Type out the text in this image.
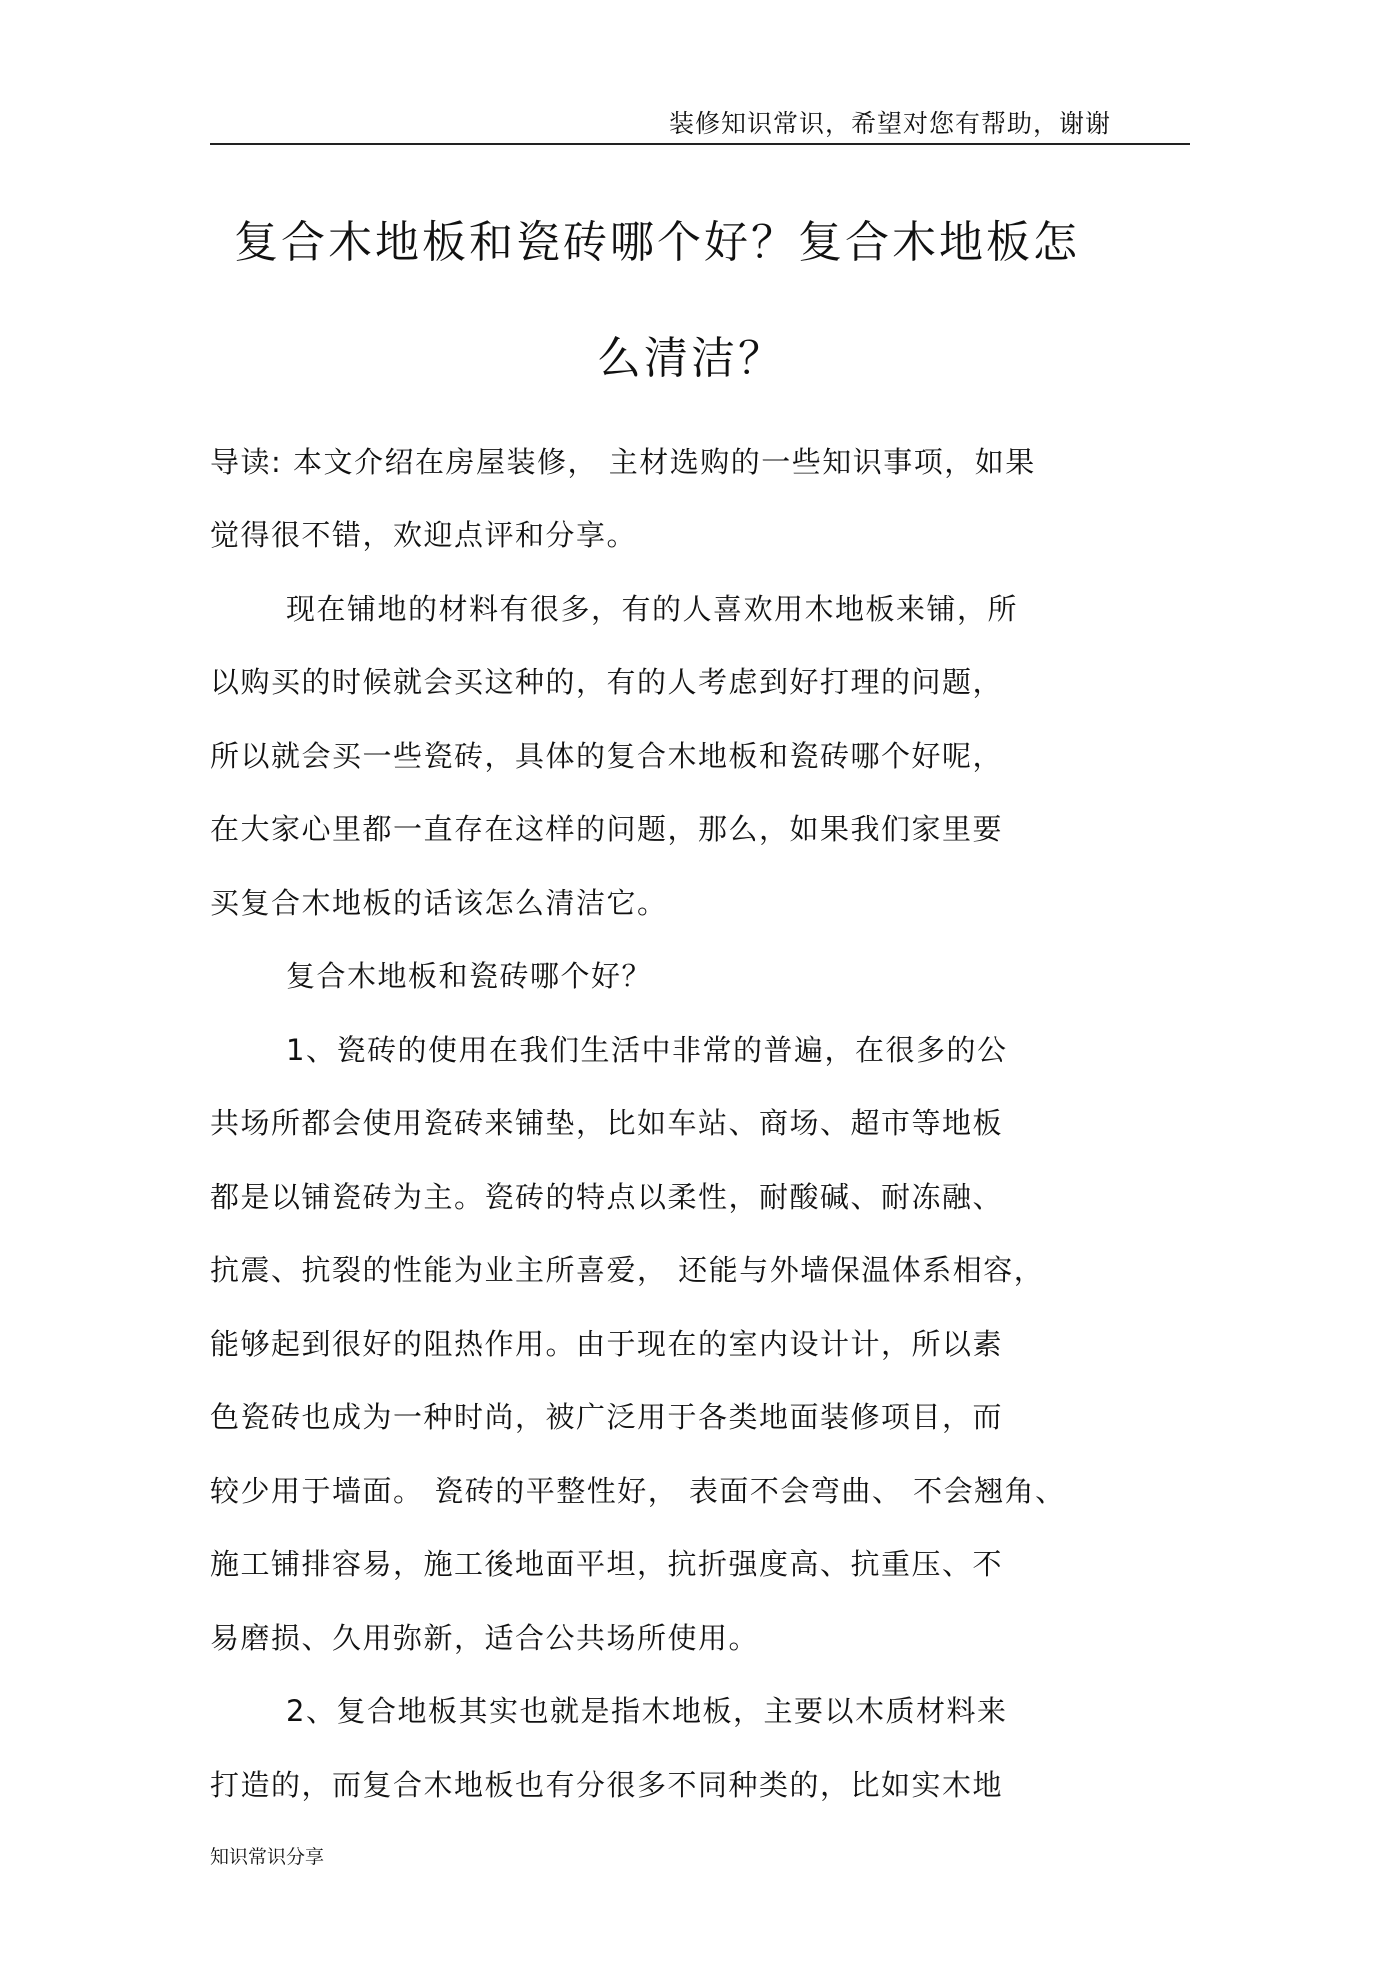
装修知识常识，希望对您有帮助，谢谢
复合木地板和瓷砖哪个好？复合木地板怎
么清洁？
导读: 本文介绍在房屋装修， 主材选购的一些知识事项，如果
觉得很不错，欢迎点评和分享。
现在铺地的材料有很多，有的人喜欢用木地板来铺，所
以购买的时候就会买这种的，有的人考虑到好打理的问题，
所以就会买一些瓷砖，具体的复合木地板和瓷砖哪个好呢，
在大家心里都一直存在这样的问题，那么，如果我们家里要
买复合木地板的话该怎么清洁它。
复合木地板和瓷砖哪个好？
1、瓷砖的使用在我们生活中非常的普遍，在很多的公
共场所都会使用瓷砖来铺垫，比如车站、商场、超市等地板
都是以铺瓷砖为主。瓷砖的特点以柔性，耐酸碱、耐冻融、
抗震、抗裂的性能为业主所喜爱， 还能与外墙保温体系相容，
能够起到很好的阻热作用。由于现在的室内设计计，所以素
色瓷砖也成为一种时尚，被广泛用于各类地面装修项目，而
较少用于墙面。 瓷砖的平整性好， 表面不会弯曲、 不会翘角、
施工铺排容易，施工後地面平坦，抗折强度高、抗重压、不
易磨损、久用弥新，适合公共场所使用。
2、复合地板其实也就是指木地板，主要以木质材料来
打造的，而复合木地板也有分很多不同种类的，比如实木地
知识常识分享
